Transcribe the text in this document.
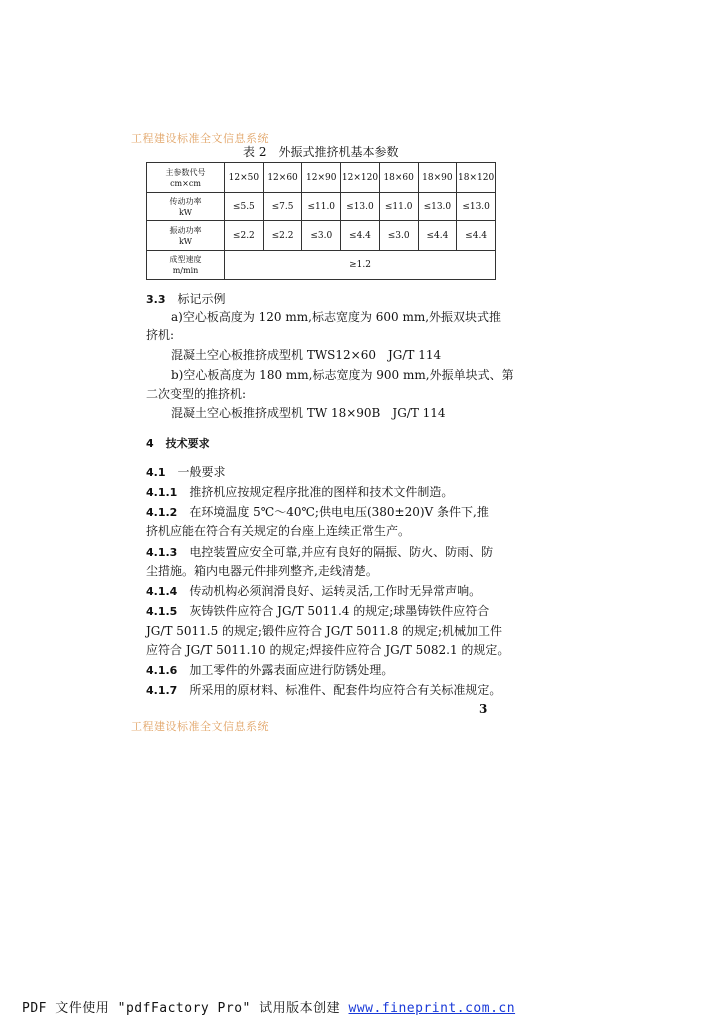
工程建设标准全文信息系统
表 2　外振式推挤机基本参数
主参数代号
cm×cm	12×50	12×60	12×90	12×120	18×60	18×90	18×120

传动功率
kW	≤5.5	≤7.5	≤11.0	≤13.0	≤11.0	≤13.0	≤13.0

振动功率
kW	≤2.2	≤2.2	≤3.0	≤4.4	≤3.0	≤4.4	≤4.4

成型速度
m/min	≥1.2						
3.3　 标记示例
a)空心板高度为 120 mm,标志宽度为 600 mm,外振双块式推
挤机:
混凝土空心板推挤成型机 TWS12×60　JG/T 114
b)空心板高度为 180 mm,标志宽度为 900 mm,外振单块式、第
二次变型的推挤机:
混凝土空心板推挤成型机 TW 18×90B　JG/T 114
4　 技术要求
4.1　 一般要求
4.1.1　 推挤机应按规定程序批准的图样和技术文件制造。
4.1.2　 在环境温度 5℃～40℃;供电电压(380±20)V 条件下,推
挤机应能在符合有关规定的台座上连续正常生产。
4.1.3　 电控装置应安全可靠,并应有良好的隔振、防火、防雨、防
尘措施。箱内电器元件排列整齐,走线清楚。
4.1.4　 传动机构必须润滑良好、运转灵活,工作时无异常声响。
4.1.5　 灰铸铁件应符合 JG/T 5011.4 的规定;球墨铸铁件应符合
JG/T 5011.5 的规定;锻件应符合 JG/T 5011.8 的规定;机械加工件
应符合 JG/T 5011.10 的规定;焊接件应符合 JG/T 5082.1 的规定。
4.1.6　 加工零件的外露表面应进行防锈处理。
4.1.7　 所采用的原材料、标准件、配套件均应符合有关标准规定。
3
工程建设标准全文信息系统
PDF 文件使用 "pdfFactory Pro" 试用版本创建 www.fineprint.com.cn
